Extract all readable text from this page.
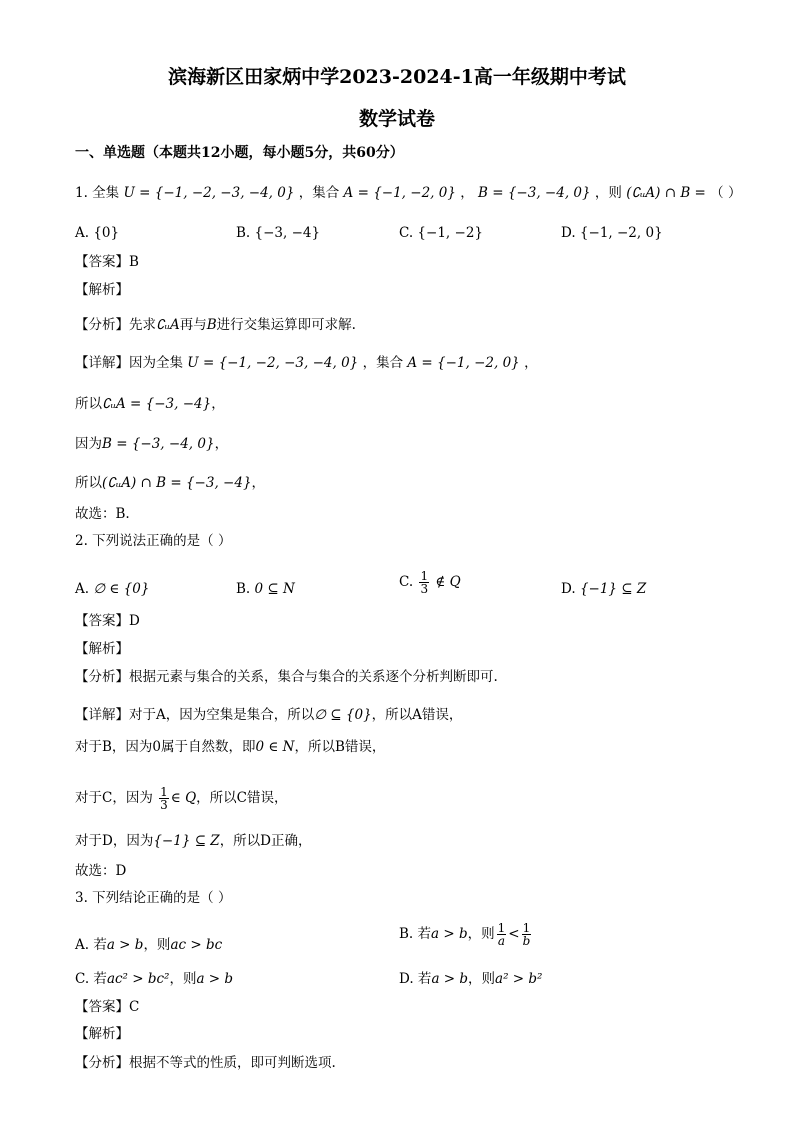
滨海新区田家炳中学2023-2024-1高一年级期中考试
数学试卷
一、单选题（本题共12小题，每小题5分，共60分）
1. 全集 U = {−1, −2, −3, −4, 0} ，集合 A = {−1, −2, 0} ， B = {−3, −4, 0} ，则 (∁ᵤA) ∩ B = （ ）
A. {0}	B. {−3, −4}	C. {−1, −2}	D. {−1, −2, 0}
【答案】B
【解析】
【分析】先求∁ᵤA再与B进行交集运算即可求解.
【详解】因为全集 U = {−1, −2, −3, −4, 0} ，集合 A = {−1, −2, 0} ，
所以∁ᵤA = {−3, −4}，
因为B = {−3, −4, 0}，
所以(∁ᵤA) ∩ B = {−3, −4}，
故选：B.
2. 下列说法正确的是（ ）
A. ∅ ∈ {0}	B. 0 ⊆ N	C. $\frac{1}{3}$ ∉ Q	D. {−1} ⊆ Z
【答案】D
【解析】
【分析】根据元素与集合的关系，集合与集合的关系逐个分析判断即可.
【详解】对于A，因为空集是集合，所以∅ ⊆ {0}，所以A错误，
对于B，因为0属于自然数，即0 ∈ N，所以B错误，
对于C，因为 $\frac{1}{3}$ ∈ Q，所以C错误，
对于D，因为{−1} ⊆ Z，所以D正确，
故选：D
3. 下列结论正确的是（ ）
A. 若a > b，则ac > bc
B. 若a > b，则 $\frac{1}{a} < \frac{1}{b}$
C. 若ac² > bc²，则a > b	D. 若a > b，则a² > b²
【答案】C
【解析】
【分析】根据不等式的性质，即可判断选项.
